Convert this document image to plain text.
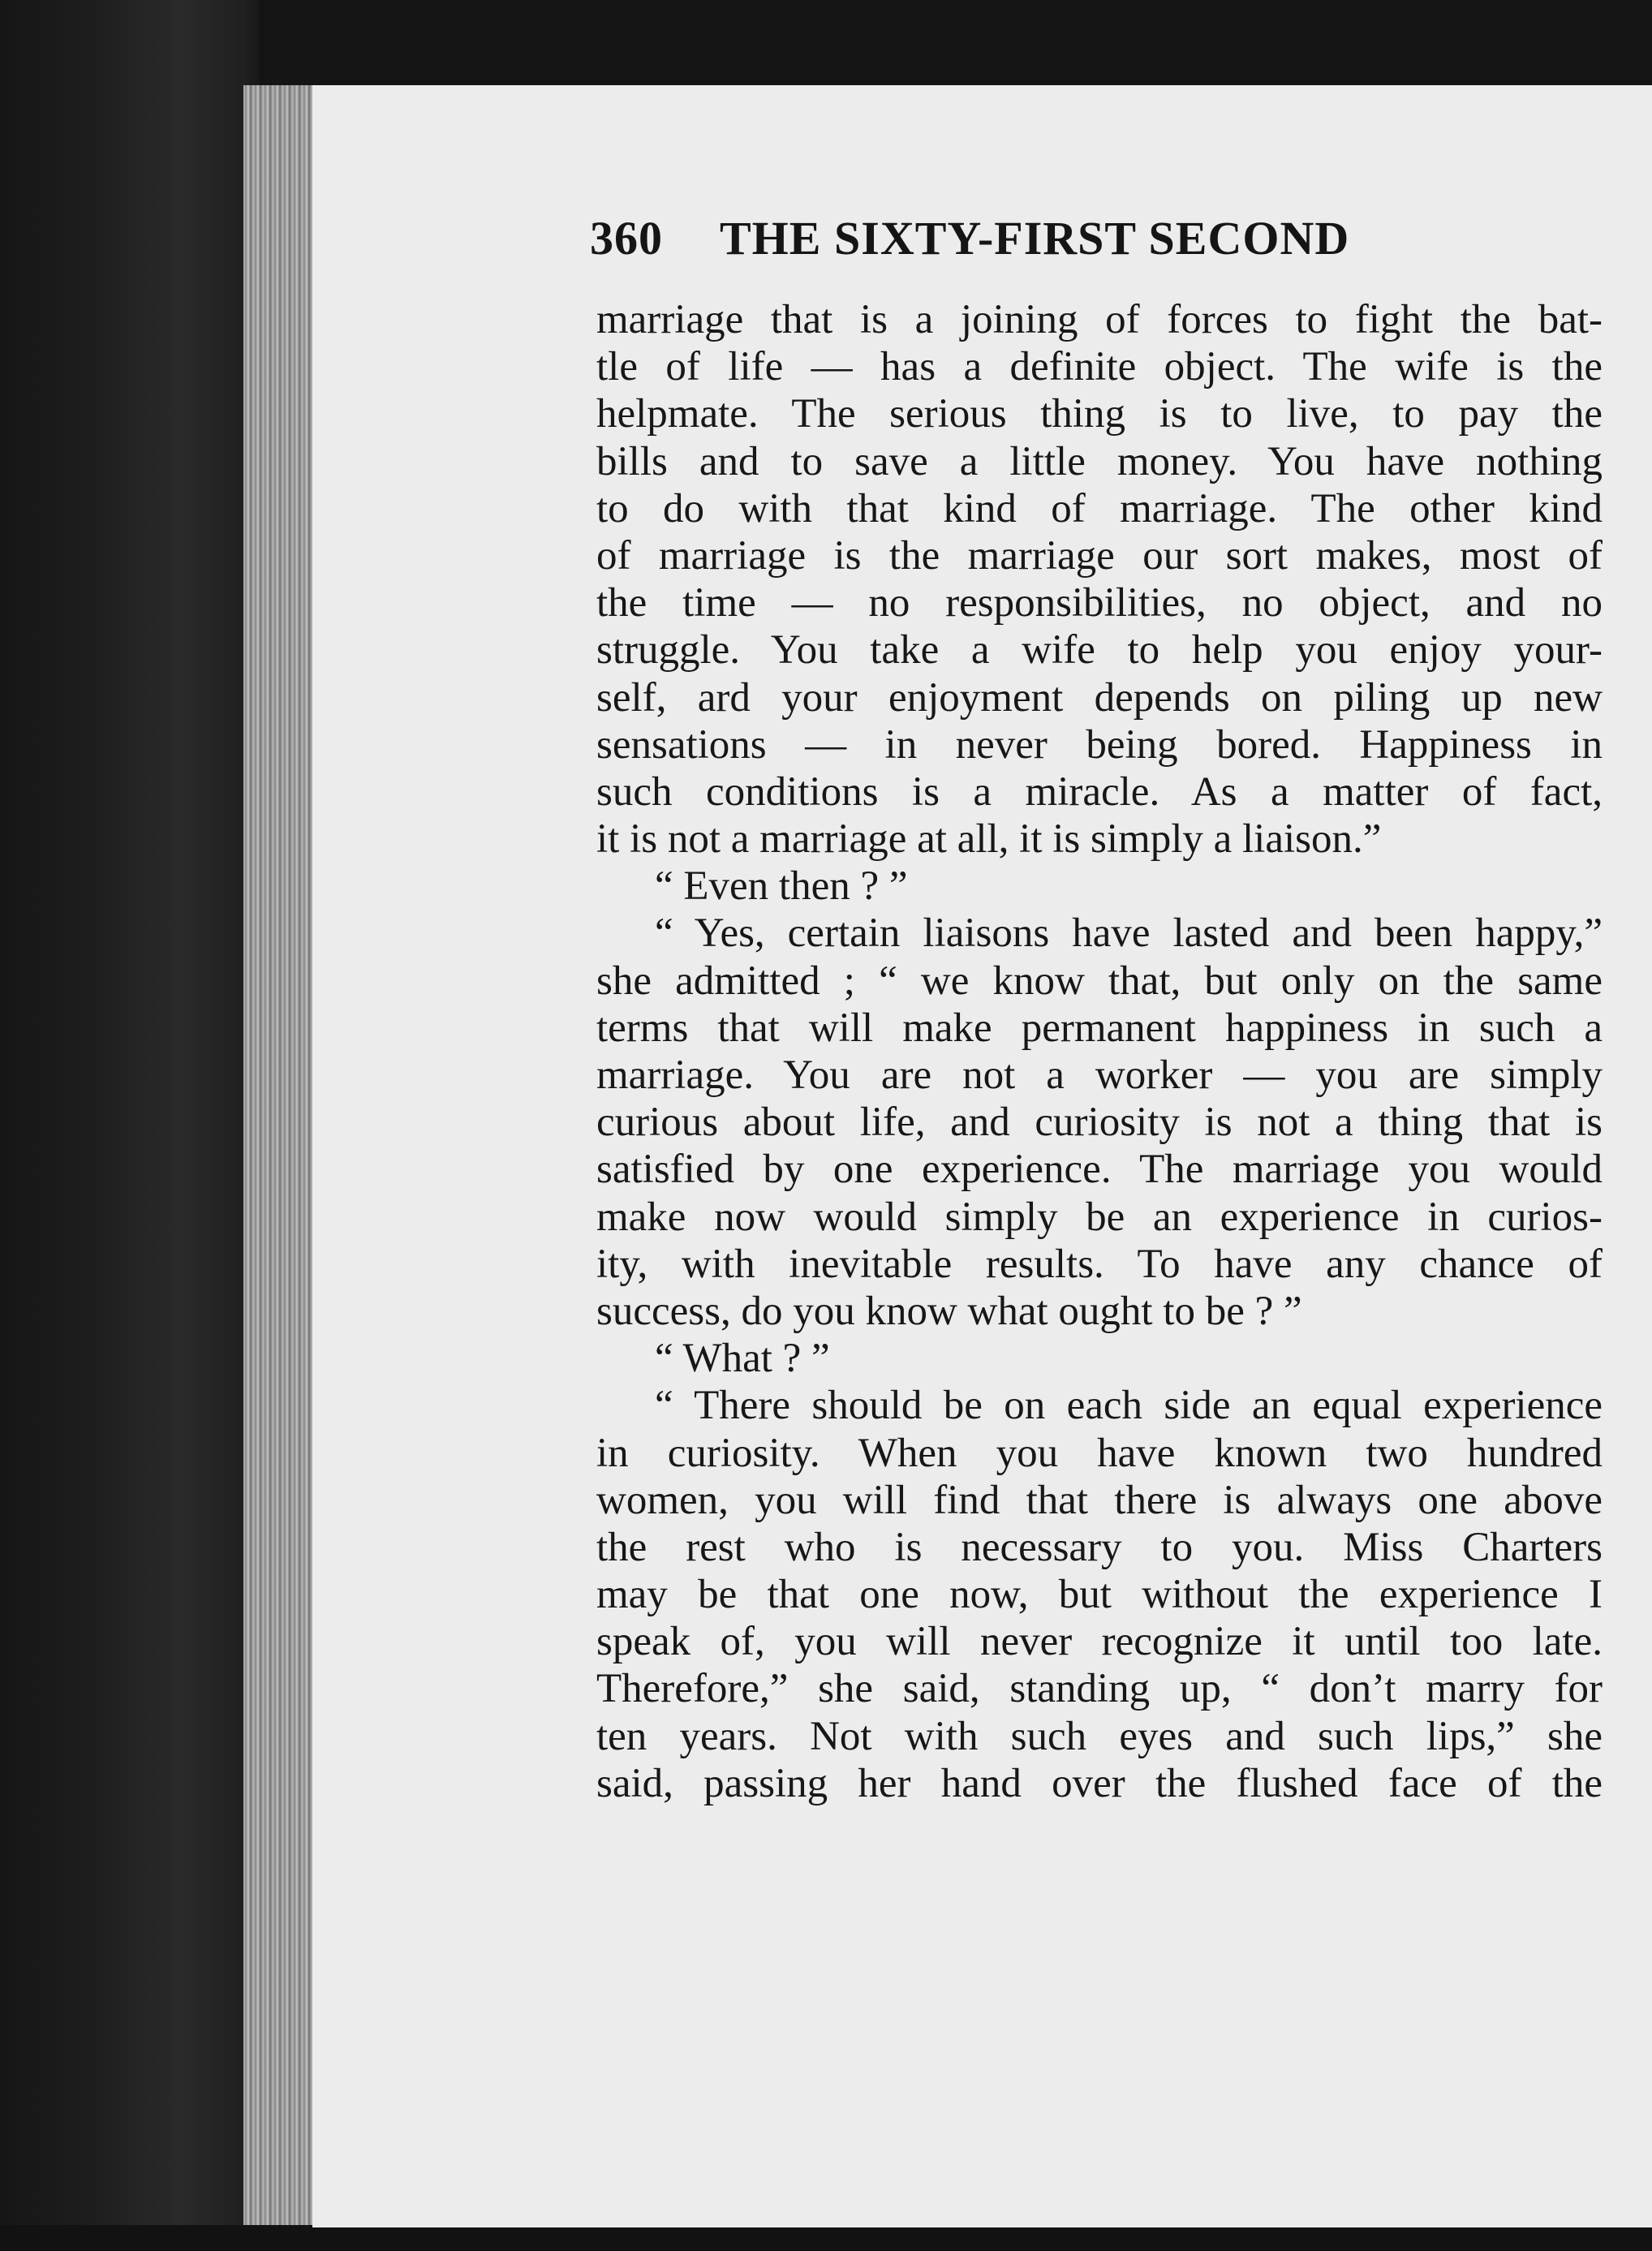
360 THE SIXTY-FIRST SECOND
marriage that is a joining of forces to fight the bat-
tle of life — has a definite object. The wife is the
helpmate. The serious thing is to live, to pay the
bills and to save a little money. You have nothing
to do with that kind of marriage. The other kind
of marriage is the marriage our sort makes, most of
the time — no responsibilities, no object, and no
struggle. You take a wife to help you enjoy your-
self, ard your enjoyment depends on piling up new
sensations — in never being bored. Happiness in
such conditions is a miracle. As a matter of fact,
it is not a marriage at all, it is simply a liaison.”
“ Even then ? ”
“ Yes, certain liaisons have lasted and been happy,”
she admitted ; “ we know that, but only on the same
terms that will make permanent happiness in such a
marriage. You are not a worker — you are simply
curious about life, and curiosity is not a thing that is
satisfied by one experience. The marriage you would
make now would simply be an experience in curios-
ity, with inevitable results. To have any chance of
success, do you know what ought to be ? ”
“ What ? ”
“ There should be on each side an equal experience
in curiosity. When you have known two hundred
women, you will find that there is always one above
the rest who is necessary to you. Miss Charters
may be that one now, but without the experience I
speak of, you will never recognize it until too late.
Therefore,” she said, standing up, “ don’t marry for
ten years. Not with such eyes and such lips,” she
said, passing her hand over the flushed face of the
